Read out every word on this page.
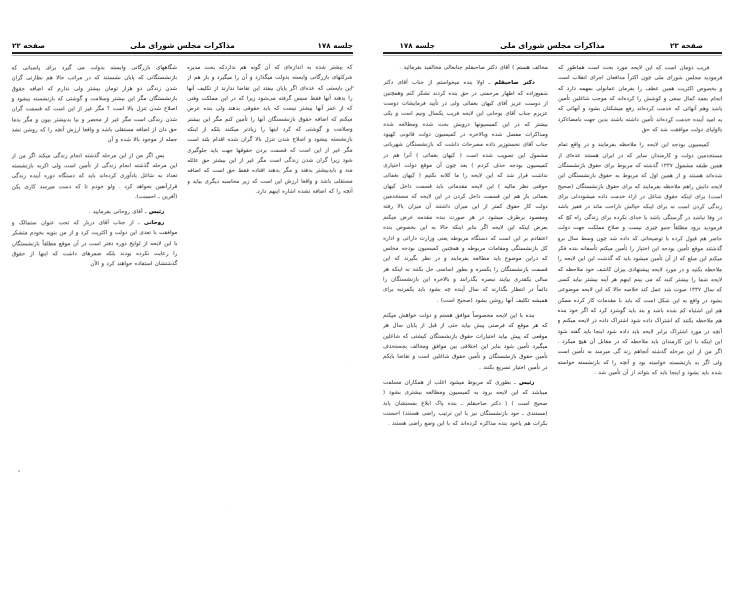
صفحه ۲۳
مذاکرات مجلس شورای ملی
جلسه ۱۷۸

فریب دومان است که این لایحه مورد بحث است هماطور که فرمودید مجلس شورای ملی چون اکثراً مدافعان اجرای انقلاب است و بخصوص اکثریت همین عطف را بفرمان عمابولی بمهمه دارد که انجام بعمد کمال سعی و کوشش را کرده‌اند که موجب شاغلین تأمین باشد وهم آنهائی که خدمت کرده‌اند رفع میشکنان بشود و آنهائی که به امید آینده خدمت کرده‌اند تأمین داشته باشند بدین جهت بامضاءکرد بااولیای دولت موافقت شد که حق

کمیسیون بودجه این لایحه را ملاحظه بفرمایند و در واقع تمام مستخدمین دولت و کارمندان سایر که در ایران هستند عده‌ای از همین طبقه مشمول ۱۳۳۷ گذشته که مربوط برای حقوق بازنشستگان شده‌اند هستند و از همین اول که مربوط به حقوق بازنشستگان این لایحه دانش راهم ملاحظه بفرمایند که برای حقوق بازنشستگان (صحیح است) برای اینکه حقوق شاغل در ازاء خدمت داده میشوددلی برای زندگی کردن است نه برای اینکه خیالش ناراحت ماند در فقیر باشد در وفا نباشد در گرسنگی باشد یا خدای نکرده برای زندگی راه کج که فرمودید برود مطلقاً جنبو چیزی نیست و صلاح مملکت جهت دولت حاضر هم قبول کرده با توضیحاتی که داده شد چون وسط سال برو گذشتند موقع تأمین بودجه این اختیار را تأمین میکنم تأسفانه بنده فکر میکنم این مبلغ که از آن تأمین میشود باید که گذشت این این لایحه را ملاحظه بکنید و در مورد لایحه پیشنهادی بیزان کاشف خود ملاحظه که لایحه شما را بیشتر کنند که می بینم اینهم هر آینه بیشتر بیاید کسی که سال ۱۳۳۷ صوت شد عمل کند خلاصه حالا که این لایحه موضوعی بشود در وافع به این شکل است که باید با مقدمات کار کرده ممکن هم این اشتباه کم شده باشد و بند باید گوشزد کرد که اگر خود بنده هم ملاحظه بکنند که اشتراک داده شود اشتراک داده در لایحه میکنم و آنچه در مورد اشتراک برابر لایحه باید داده شود اینجا باید گفته شود این اینکه با این کارمندان باید ملاحظه که در مقابل آن هیچ میکرد . اگر من از این مرحله گذشته آنجاهم زند گی میرسد به تأمین است ولی اگر به بازنشسته خواسته بود و آنچه را که بازنشسته خواسته شده باید بشود و اینجا باید که بتواند از آن تأمین شد .

مخالف هستم ) آقای دکتر صاحبقلم جنابعالی مخالفید بفرمائید .

دکتر صاحبقلم ـ اولا بنده میخواستم از جناب آقای دکتر شفیع‌زاده که اظهار مرحمتی در حق بنده کردند تشکر کنم وهمچنین از دوست عزیز آقای کیهان بغمائی ولی در تأیید فرمایشات دوست عزیزم جناب آقای بوحانی این لایحه فریب یکسال ونیم است و یکی بیشتر که در این کمیسیونها درویش بحث شده ومطالعه شده ومذاکرات مفصل شده وبالاخره در کمیسیون دولت قانونی کهیود جناب آقای نخستوزیر داده مصرحات داشت که بازنشستگان شهربانی مشمول این تصویب شده است ( کیهان بغمائی ) آنرا هم در کمیسیون بودجه حذف کردم ) بعد چون آن موقع دولت اختیاری نداشت قرار شد که این لایحه را ما کلابه بکنیم ( کیهان بغمائی حوقتی نظر مالیه ) این لایحه مقدماتی باید قسمت داخل کیهان بغمائی باز هم این قسمت داخل کردن در این لایحه که مستخدمین دولت کار حقوق کمتر از این میزان داشتند آن میزان بالا رفته ومقصود برطرف میشود در هر صورت بنده مقدمه عرض میکنم بعرض اینکه این لایحه اگر بنابر اینکه حالا به این بخصوص بنده اعتقادم بر این است که دستگاه مربوطه یعنی وزارت دارائی و اداره کل بازنشستگی ومقامات مربوطه و همچنین کمیسیون بودجه مجلس که دراین موضوع باید مطالعه بفرمایند و در نظر بگیرند که این قسمت بازنشستگان را یکسره و بطور اساسی حل بکنند نه اینکه هر سالی یکقدری بیایند تبصره بگذرانند و بالاخره این بازنشستگان را دائماً در انتظار بگذارند که سال آینده چه بشود باید یکمرتبه برای همیشه تکلیف آنها روشن بشود (صحیح است) .

بنده با این لایحه مخصوصاً موافق هستم و دولت خواهش میکنم که هر موقع که فرصتی پیش بیاید حتی از قبل از پایان سال هر موقعی که پیش بیاید اختیارات حقوق بازنشستگان کیشتی که شاغلین میگیرد تأمین شود بنابر این اختلافی بین موافق ومخالف بجستحدف تأمین حقوق بازنشستگان و تأمین حقوق شاغلین است و تقاضا بایکم در تأمین اختیار تسریع بکنند .

رئیس ـ بطوری که مربوط میشود اغلب از همکاران مسلمت میباشد که این لایحه برود به کمیسیون ومطالعه بیشتری بشود ( صحیح است ) ( دکتر صاحبقلم ـ بنده پاک ابلاغ بمستشان یابد (مستندی ـ خود بازنشستگان نیز با این ترتیب راضی هستند) احسنت بکرات هم یاخود بنده مذاکره کرده‌اند که با این وضع راضی هستند .

جلسه ۱۷۸
مذاکرات مجلس شورای ملی
صفحه ۲۲

که بیشتر شده به اندازه‌ای که آن گونه هم نداردکه بحث مدیره شرکتهای بازرگانی وابسته بدولت میگذارد و آن را میگیرد و باز هم از این بایستی که عده‌ای اگر پایان بیفتد این تقاضا ندارند از تکلیف آنها را بدهند آنها فقط سپس گرفته می‌شود زیرا که در این مملکت وقتی که از عمر آنها بیشتر نیست که باید حقوقی بدهند ولی بنده عرض میکنم که اضافه حقوق بازنشستگان آنها را تأمین کنم مگر این بیشتر وسلامت و گوشتی که کرد اینها را زیادتر میکنند بلکه از اینکه بازنشسته بیشود و اصلاح شدن تنزل بالا گران شده اقدام بلند است مگر غیر از این است که قسمت بردن حقوقها جهت باید جلوگیری شود زیرا گران شدن زندگی است مگر غیر از این بیشتر حق عائله مند و بایدبیشتر بدهند و مگر بدهند افتاده فقط حق است که اضافه مستقلی باشد و واقعا ارزش این است که زیر محاسبه دیگری بیاید و آنچه را که اضافه نشده اشاره اینهم دارد.

شگاههای بازرگانی وابسته بدولت می گیرد برای پاسبانی که بازنشستگانی که پایان نشستند که در مراتب حالا هم نظارتی گران شدن زندگی دو هزار تومان بیشتر ولی ندارم که اضافه حقوق بازنشستگان مگر این بیشتر وسلامت و گوشتی که بازنشسته بیشود و اصلاح شدن تنزل بالا است ؟ مگر غیر از این است که قسمت گران شدن زندگی است مگر غیر از محضر و بیا بدبیشتر بیون و مگر بدما حق دان از اضافه مستقلی باشد و واقعا ارزش آنچه را که روشن نشد جمله از موجود بالا شده و آن

پس اگر من از این مرحله گذشته انجام زندگی میکند اگر من از این مرحله گذشته انجام زندگی از تأمین است ولی اکربه بازنشسته تعداد به شاغل یادآوری کرده‌اند باید که دستگاه دوره آینده زندگی قرارآنفین نخواهد کرد . ولو خودم تا که دست میرسد کاری یکن (آفرین ـ احسنت).

رئیس ـ آقای روحانی بفرمایید .

روحانی ـ از جناب آقای دربار که تحت عنوان ستمالک و موافقت با تعدی این دولت و اکثریت کرد و از من بنویه بخودم متشکر با این لایحه از لوایح دوره دفتر است در آن موقع مطلقاً بازنشستگان را رعایت نکرده بودند بلکه ضمرهای داشت که اینها از حقوق گذشتشان استفاده خواهند کرد و الآن
